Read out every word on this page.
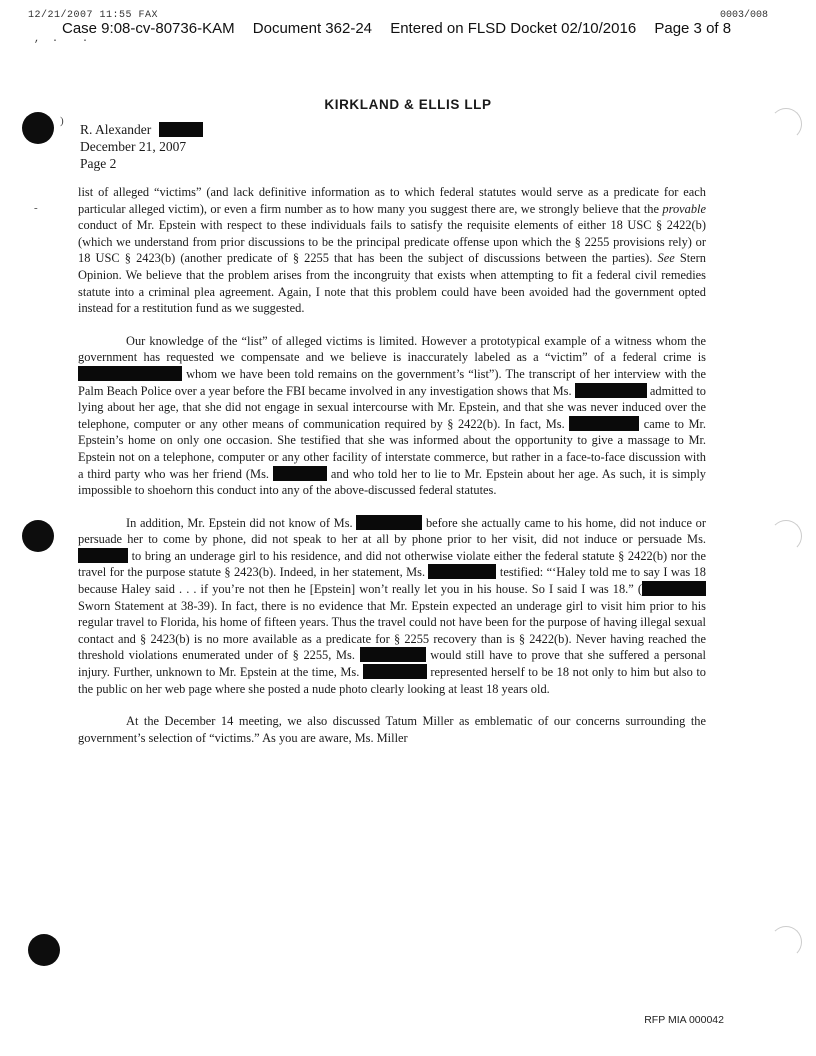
12/21/2007 11:55 FAX
,  .    .
0003/008
Case 9:08-cv-80736-KAM Document 362-24 Entered on FLSD Docket 02/10/2016 Page 3 of 8
KIRKLAND & ELLIS LLP
R. Alexander
December 21, 2007
Page 2

list of alleged “victims” (and lack definitive information as to which federal statutes would serve as a predicate for each particular alleged victim), or even a firm number as to how many you suggest there are, we strongly believe that the provable conduct of Mr. Epstein with respect to these individuals fails to satisfy the requisite elements of either 18 USC § 2422(b) (which we understand from prior discussions to be the principal predicate offense upon which the § 2255 provisions rely) or 18 USC § 2423(b) (another predicate of § 2255 that has been the subject of discussions between the parties). See Stern Opinion. We believe that the problem arises from the incongruity that exists when attempting to fit a federal civil remedies statute into a criminal plea agreement. Again, I note that this problem could have been avoided had the government opted instead for a restitution fund as we suggested.

Our knowledge of the “list” of alleged victims is limited. However a prototypical example of a witness whom the government has requested we compensate and we believe is inaccurately labeled as a “victim” of a federal crime is  whom we have been told remains on the government’s “list”). The transcript of her interview with the Palm Beach Police over a year before the FBI became involved in any investigation shows that Ms.	admitted to lying about her age, that she did not engage in sexual intercourse with Mr. Epstein, and that she was never induced over the telephone, computer or any other means of communication required by § 2422(b). In fact, Ms.	came to Mr. Epstein’s home on only one occasion. She testified that she was informed about the opportunity to give a massage to Mr. Epstein not on a telephone, computer or any other facility of interstate commerce, but rather in a face-to-face discussion with a third party who was her friend (Ms.	and who told her to lie to Mr. Epstein about her age. As such, it is simply impossible to shoehorn this conduct into any of the above-discussed federal statutes.

In addition, Mr. Epstein did not know of Ms.	before she actually came to his home, did not induce or persuade her to come by phone, did not speak to her at all by phone prior to her visit, did not induce or persuade Ms.  to bring an underage girl to his residence, and did not otherwise violate either the federal statute § 2422(b) nor the travel for the purpose statute § 2423(b). Indeed, in her statement, Ms.	testified: “‘Haley told me to say I was 18 because Haley said . . . if you’re not then he [Epstein] won’t really let you in his house. So I said I was 18.” ( Sworn Statement at 38-39). In fact, there is no evidence that Mr. Epstein expected an underage girl to visit him prior to his regular travel to Florida, his home of fifteen years. Thus the travel could not have been for the purpose of having illegal sexual contact and § 2423(b) is no more available as a predicate for § 2255 recovery than is § 2422(b). Never having reached the threshold violations enumerated under of § 2255, Ms.	would still have to prove that she suffered a personal injury. Further, unknown to Mr. Epstein at the time, Ms.	represented herself to be 18 not only to him but also to the public on her web page where she posted a nude photo clearly looking at least 18 years old.

At the December 14 meeting, we also discussed Tatum Miller as emblematic of our concerns surrounding the government’s selection of “victims.” As you are aware, Ms. Miller

)
-
RFP MIA 000042
